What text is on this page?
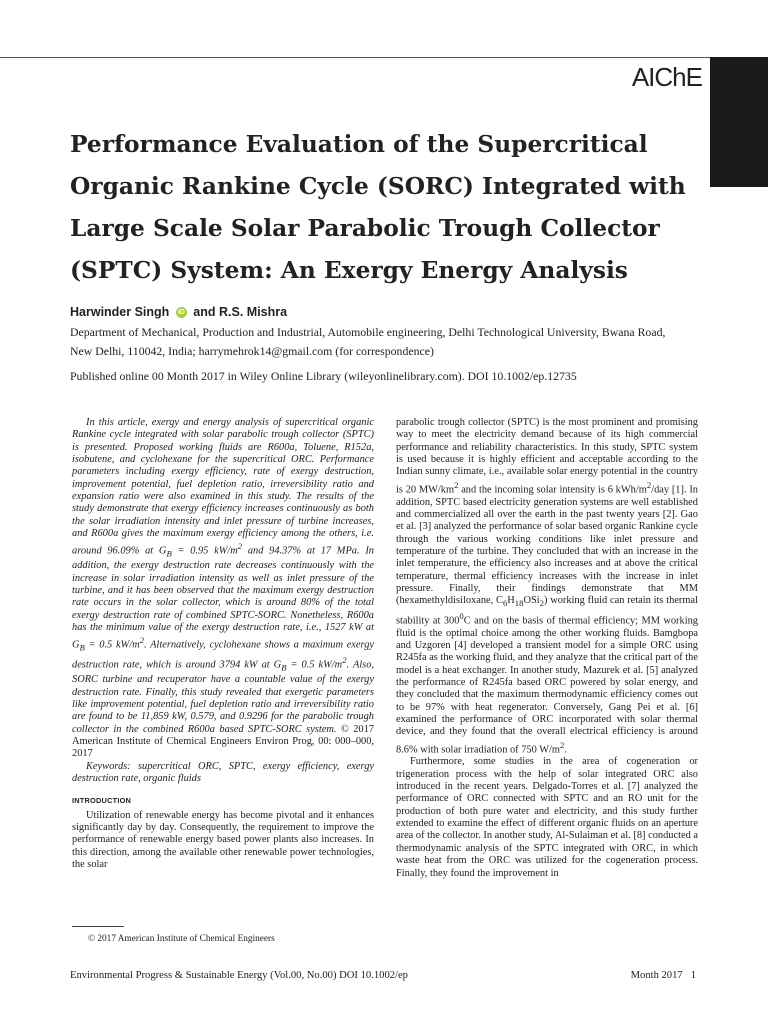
AIChE
Performance Evaluation of the Supercritical Organic Rankine Cycle (SORC) Integrated with Large Scale Solar Parabolic Trough Collector (SPTC) System: An Exergy Energy Analysis
Harwinder Singh iD and R.S. Mishra
Department of Mechanical, Production and Industrial, Automobile engineering, Delhi Technological University, Bwana Road,
New Delhi, 110042, India; harrymehrok14@gmail.com (for correspondence)
Published online 00 Month 2017 in Wiley Online Library (wileyonlinelibrary.com). DOI 10.1002/ep.12735

In this article, exergy and energy analysis of supercritical organic Rankine cycle integrated with solar parabolic trough collector (SPTC) is presented. Proposed working fluids are R600a, Toluene, R152a, isobutene, and cyclohexane for the supercritical ORC. Performance parameters including exergy efficiency, rate of exergy destruction, improvement potential, fuel depletion ratio, irreversibility ratio and expansion ratio were also examined in this study. The results of the study demonstrate that exergy efficiency increases continuously as both the solar irradiation intensity and inlet pressure of turbine increases, and R600a gives the maximum exergy efficiency among the others, i.e. around 96.09% at $G_B = 0.95$ $kW/m^2$ and 94.37% at 17 MPa. In addition, the exergy destruction rate decreases continuously with the increase in solar irradiation intensity as well as inlet pressure of the turbine, and it has been observed that the maximum exergy destruction rate occurs in the solar collector, which is around 80% of the total exergy destruction rate of combined SPTC-SORC. Nonetheless, R600a has the minimum value of the exergy destruction rate, i.e., 1527 kW at $G_B = 0.5$ $kW/m^2$. Alternatively, cyclohexane shows a maximum exergy destruction rate, which is around 3794 kW at $G_B = 0.5$ $kW/m^2$. Also, SORC turbine and recuperator have a countable value of the exergy destruction rate. Finally, this study revealed that exergetic parameters like improvement potential, fuel depletion ratio and irreversibility ratio are found to be 11,859 kW, 0.579, and 0.9296 for the parabolic trough collector in the combined R600a based SPTC-SORC system. © 2017 American Institute of Chemical Engineers Environ Prog, 00: 000–000, 2017

Keywords: supercritical ORC, SPTC, exergy efficiency, exergy destruction rate, organic fluids

INTRODUCTION

Utilization of renewable energy has become pivotal and it enhances significantly day by day. Consequently, the requirement to improve the performance of renewable energy based power plants also increases. In this direction, among the available other renewable power technologies, the solar

parabolic trough collector (SPTC) is the most prominent and promising way to meet the electricity demand because of its high commercial performance and reliability characteristics. In this study, SPTC system is used because it is highly efficient and acceptable according to the Indian sunny climate, i.e., available solar energy potential in the country is 20 $MW/km^2$ and the incoming solar intensity is 6 kWh/$m^2$/day [1]. In addition, SPTC based electricity generation systems are well established and commercialized all over the earth in the past twenty years [2]. Gao et al. [3] analyzed the performance of solar based organic Rankine cycle through the various working conditions like inlet pressure and temperature of the turbine. They concluded that with an increase in the inlet temperature, the efficiency also increases and at above the critical temperature, thermal efficiency increases with the increase in inlet pressure. Finally, their findings demonstrate that MM (hexamethyldisiloxane, $C_6H_{18}OSi_2$) working fluid can retain its thermal stability at $300^0C$ and on the basis of thermal efficiency; MM working fluid is the optimal choice among the other working fluids. Bamgbopa and Uzgoren [4] developed a transient model for a simple ORC using R245fa as the working fluid, and they analyze that the critical part of the model is a heat exchanger. In another study, Mazurek et al. [5] analyzed the performance of R245fa based ORC powered by solar energy, and they concluded that the maximum thermodynamic efficiency comes out to be 97% with heat regenerator. Conversely, Gang Pei et al. [6] examined the performance of ORC incorporated with solar thermal device, and they found that the overall electrical efficiency is around 8.6% with solar irradiation of 750 $W/m^2$.

Furthermore, some studies in the area of cogeneration or trigeneration process with the help of solar integrated ORC also introduced in the recent years. Delgado-Torres et al. [7] analyzed the performance of ORC connected with SPTC and an RO unit for the production of both pure water and electricity, and this study further extended to examine the effect of different organic fluids on an aperture area of the collector. In another study, Al-Sulaiman et al. [8] conducted a thermodynamic analysis of the SPTC integrated with ORC, in which waste heat from the ORC was utilized for the cogeneration process. Finally, they found the improvement in

© 2017 American Institute of Chemical Engineers
Environmental Progress & Sustainable Energy (Vol.00, No.00) DOI 10.1002/ep	Month 2017 1
